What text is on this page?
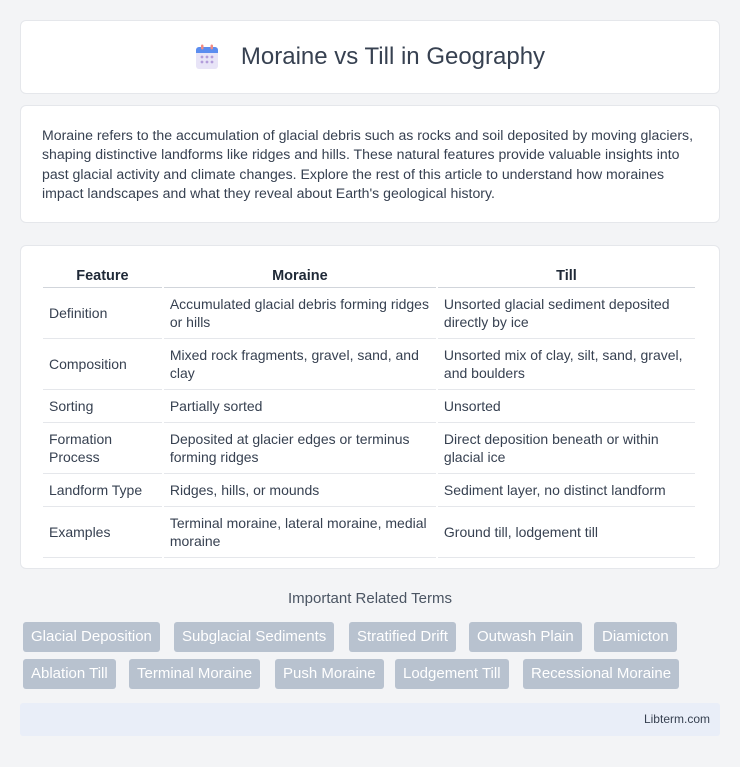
Moraine vs Till in Geography

Moraine refers to the accumulation of glacial debris such as rocks and soil deposited by moving glaciers, shaping distinctive landforms like ridges and hills. These natural features provide valuable insights into past glacial activity and climate changes. Explore the rest of this article to understand how moraines impact landscapes and what they reveal about Earth's geological history.

Feature	Moraine	Till
Definition	Accumulated glacial debris forming ridges or hills	Unsorted glacial sediment deposited directly by ice
Composition	Mixed rock fragments, gravel, sand, and clay	Unsorted mix of clay, silt, sand, gravel, and boulders
Sorting	Partially sorted	Unsorted
Formation Process	Deposited at glacier edges or terminus forming ridges	Direct deposition beneath or within glacial ice
Landform Type	Ridges, hills, or mounds	Sediment layer, no distinct landform
Examples	Terminal moraine, lateral moraine, medial moraine	Ground till, lodgement till
Important Related Terms
Glacial Deposition	Subglacial Sediments	Stratified Drift	Outwash Plain	Diamicton
Ablation Till	Terminal Moraine	Push Moraine	Lodgement Till	Recessional Moraine
Libterm.com
